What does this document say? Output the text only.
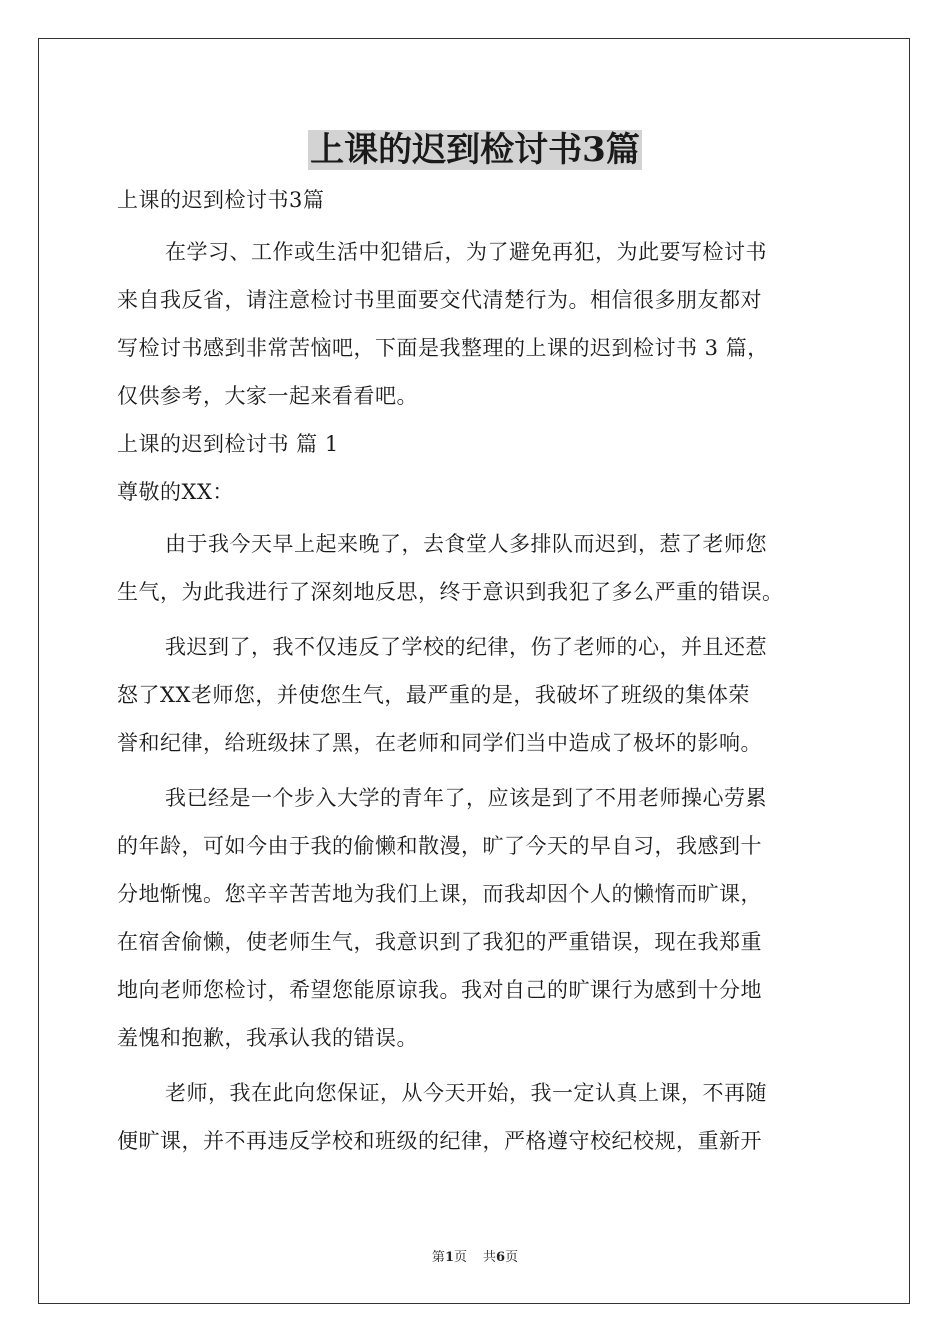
上课的迟到检讨书3篇
上课的迟到检讨书3篇
在学习、工作或生活中犯错后，为了避免再犯，为此要写检讨书
来自我反省，请注意检讨书里面要交代清楚行为。相信很多朋友都对
写检讨书感到非常苦恼吧，下面是我整理的上课的迟到检讨书 3 篇，
仅供参考，大家一起来看看吧。
上课的迟到检讨书 篇 1
尊敬的XX：
由于我今天早上起来晚了，去食堂人多排队而迟到，惹了老师您
生气，为此我进行了深刻地反思，终于意识到我犯了多么严重的错误。
我迟到了，我不仅违反了学校的纪律，伤了老师的心，并且还惹
怒了XX老师您，并使您生气，最严重的是，我破坏了班级的集体荣
誉和纪律，给班级抹了黑，在老师和同学们当中造成了极坏的影响。
我已经是一个步入大学的青年了，应该是到了不用老师操心劳累
的年龄，可如今由于我的偷懒和散漫，旷了今天的早自习，我感到十
分地惭愧。您辛辛苦苦地为我们上课，而我却因个人的懒惰而旷课，
在宿舍偷懒，使老师生气，我意识到了我犯的严重错误，现在我郑重
地向老师您检讨，希望您能原谅我。我对自己的旷课行为感到十分地
羞愧和抱歉，我承认我的错误。
老师，我在此向您保证，从今天开始，我一定认真上课，不再随
便旷课，并不再违反学校和班级的纪律，严格遵守校纪校规，重新开
第1页 共6页
